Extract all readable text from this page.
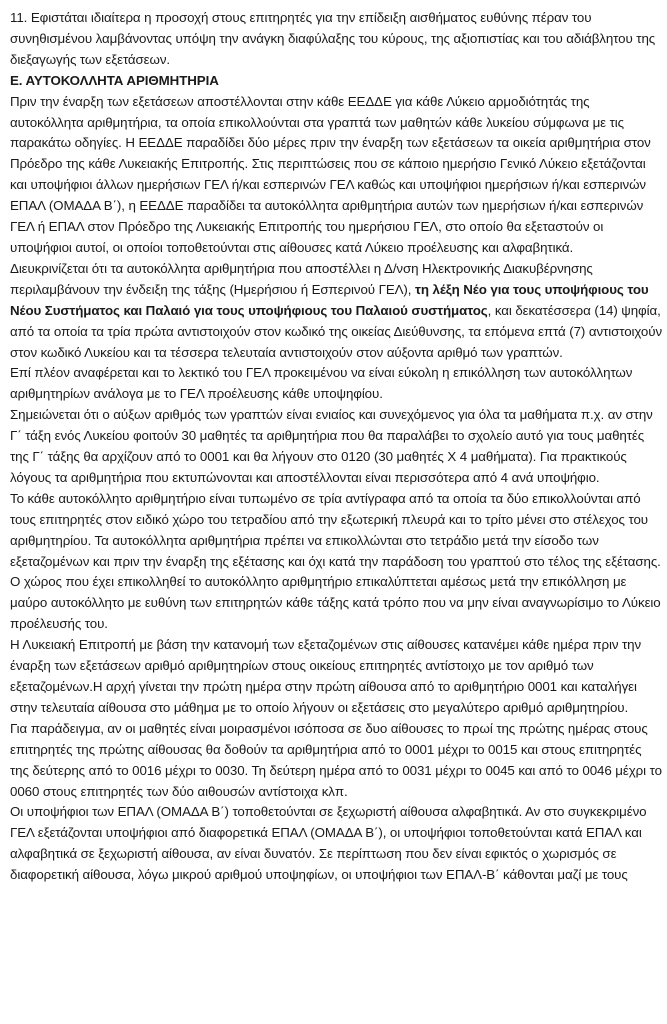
11. Εφιστάται ιδιαίτερα η προσοχή στους επιτηρητές για την επίδειξη αισθήματος ευθύνης πέραν του συνηθισμένου λαμβάνοντας υπόψη την ανάγκη διαφύλαξης του κύρους, της αξιοπιστίας και του αδιάβλητου της διεξαγωγής των εξετάσεων.

Ε. ΑΥΤΟΚΟΛΛΗΤΑ ΑΡΙΘΜΗΤΗΡΙΑ

Πριν την έναρξη των εξετάσεων αποστέλλονται στην κάθε ΕΕΔΔΕ για κάθε Λύκειο αρμοδιότητάς της αυτοκόλλητα αριθμητήρια, τα οποία επικολλούνται στα γραπτά των μαθητών κάθε λυκείου σύμφωνα με τις παρακάτω οδηγίες. Η ΕΕΔΔΕ παραδίδει δύο μέρες πριν την έναρξη των εξετάσεων τα οικεία αριθμητήρια στον Πρόεδρο της κάθε Λυκειακής Επιτροπής. Στις περιπτώσεις που σε κάποιο ημερήσιο Γενικό Λύκειο εξετάζονται και υποψήφιοι άλλων ημερήσιων ΓΕΛ ή/και εσπερινών ΓΕΛ καθώς και υποψήφιοι ημερήσιων ή/και εσπερινών ΕΠΑΛ (ΟΜΑΔΑ Β΄), η ΕΕΔΔΕ παραδίδει τα αυτοκόλλητα αριθμητήρια αυτών των ημερήσιων ή/και εσπερινών ΓΕΛ ή ΕΠΑΛ στον Πρόεδρο της Λυκειακής Επιτροπής του ημερήσιου ΓΕΛ, στο οποίο θα εξεταστούν οι υποψήφιοι αυτοί, οι οποίοι τοποθετούνται στις αίθουσες κατά Λύκειο προέλευσης και αλφαβητικά.

Διευκρινίζεται ότι τα αυτοκόλλητα αριθμητήρια που αποστέλλει η Δ/νση Ηλεκτρονικής Διακυβέρνησης περιλαμβάνουν την ένδειξη της τάξης (Ημερήσιου ή Εσπερινού ΓΕΛ), τη λέξη Νέο για τους υποψήφιους του Νέου Συστήματος και Παλαιό για τους υποψήφιους του Παλαιού συστήματος, και δεκατέσσερα (14) ψηφία, από τα οποία τα τρία πρώτα αντιστοιχούν στον κωδικό της οικείας Διεύθυνσης, τα επόμενα επτά (7) αντιστοιχούν στον κωδικό Λυκείου και τα τέσσερα τελευταία αντιστοιχούν στον αύξοντα αριθμό των γραπτών.

Επί πλέον αναφέρεται και το λεκτικό του ΓΕΛ προκειμένου να είναι εύκολη η επικόλληση των αυτοκόλλητων αριθμητηρίων ανάλογα με το ΓΕΛ προέλευσης κάθε υποψηφίου.

Σημειώνεται ότι ο αύξων αριθμός των γραπτών είναι ενιαίος και συνεχόμενος για όλα τα μαθήματα π.χ. αν στην Γ΄ τάξη ενός Λυκείου φοιτούν 30 μαθητές τα αριθμητήρια που θα παραλάβει το σχολείο αυτό για τους μαθητές της Γ΄ τάξης θα αρχίζουν από το 0001 και θα λήγουν στο 0120 (30 μαθητές Χ 4 μαθήματα). Για πρακτικούς λόγους τα αριθμητήρια που εκτυπώνονται και αποστέλλονται είναι περισσότερα από 4 ανά υποψήφιο.

Το κάθε αυτοκόλλητο αριθμητήριο είναι τυπωμένο σε τρία αντίγραφα από τα οποία τα δύο επικολλούνται από τους επιτηρητές στον ειδικό χώρο του τετραδίου από την εξωτερική πλευρά και το τρίτο μένει στο στέλεχος του αριθμητηρίου. Τα αυτοκόλλητα αριθμητήρια πρέπει να επικολλώνται στο τετράδιο μετά την είσοδο των εξεταζομένων και πριν την έναρξη της εξέτασης και όχι κατά την παράδοση του γραπτού στο τέλος της εξέτασης. Ο χώρος που έχει επικολληθεί το αυτοκόλλητο αριθμητήριο επικαλύπτεται αμέσως μετά την επικόλληση με μαύρο αυτοκόλλητο με ευθύνη των επιτηρητών κάθε τάξης κατά τρόπο που να μην είναι αναγνωρίσιμο το Λύκειο προέλευσής του.

Η Λυκειακή Επιτροπή με βάση την κατανομή των εξεταζομένων στις αίθουσες κατανέμει κάθε ημέρα πριν την έναρξη των εξετάσεων αριθμό αριθμητηρίων στους οικείους επιτηρητές αντίστοιχο με τον αριθμό των εξεταζομένων.Η αρχή γίνεται την πρώτη ημέρα στην πρώτη αίθουσα από το αριθμητήριο 0001 και καταλήγει στην τελευταία αίθουσα στο μάθημα με το οποίο λήγουν οι εξετάσεις στο μεγαλύτερο αριθμό αριθμητηρίου.

Για παράδειγμα, αν οι μαθητές είναι μοιρασμένοι ισόποσα σε δυο αίθουσες το πρωί της πρώτης ημέρας στους επιτηρητές της πρώτης αίθουσας θα δοθούν τα αριθμητήρια από το 0001 μέχρι το 0015 και στους επιτηρητές της δεύτερης από το 0016 μέχρι το 0030. Τη δεύτερη ημέρα από το 0031 μέχρι το 0045 και από το 0046 μέχρι το 0060 στους επιτηρητές των δύο αιθουσών αντίστοιχα κλπ.

Οι υποψήφιοι των ΕΠΑΛ (ΟΜΑΔΑ Β΄) τοποθετούνται σε ξεχωριστή αίθουσα αλφαβητικά. Αν στο συγκεκριμένο ΓΕΛ εξετάζονται υποψήφιοι από διαφορετικά ΕΠΑΛ (ΟΜΑΔΑ Β΄), οι υποψήφιοι τοποθετούνται κατά ΕΠΑΛ και αλφαβητικά σε ξεχωριστή αίθουσα, αν είναι δυνατόν. Σε περίπτωση που δεν είναι εφικτός ο χωρισμός σε διαφορετική αίθουσα, λόγω μικρού αριθμού υποψηφίων, οι υποψήφιοι των ΕΠΑΛ-Β΄ κάθονται μαζί με τους
